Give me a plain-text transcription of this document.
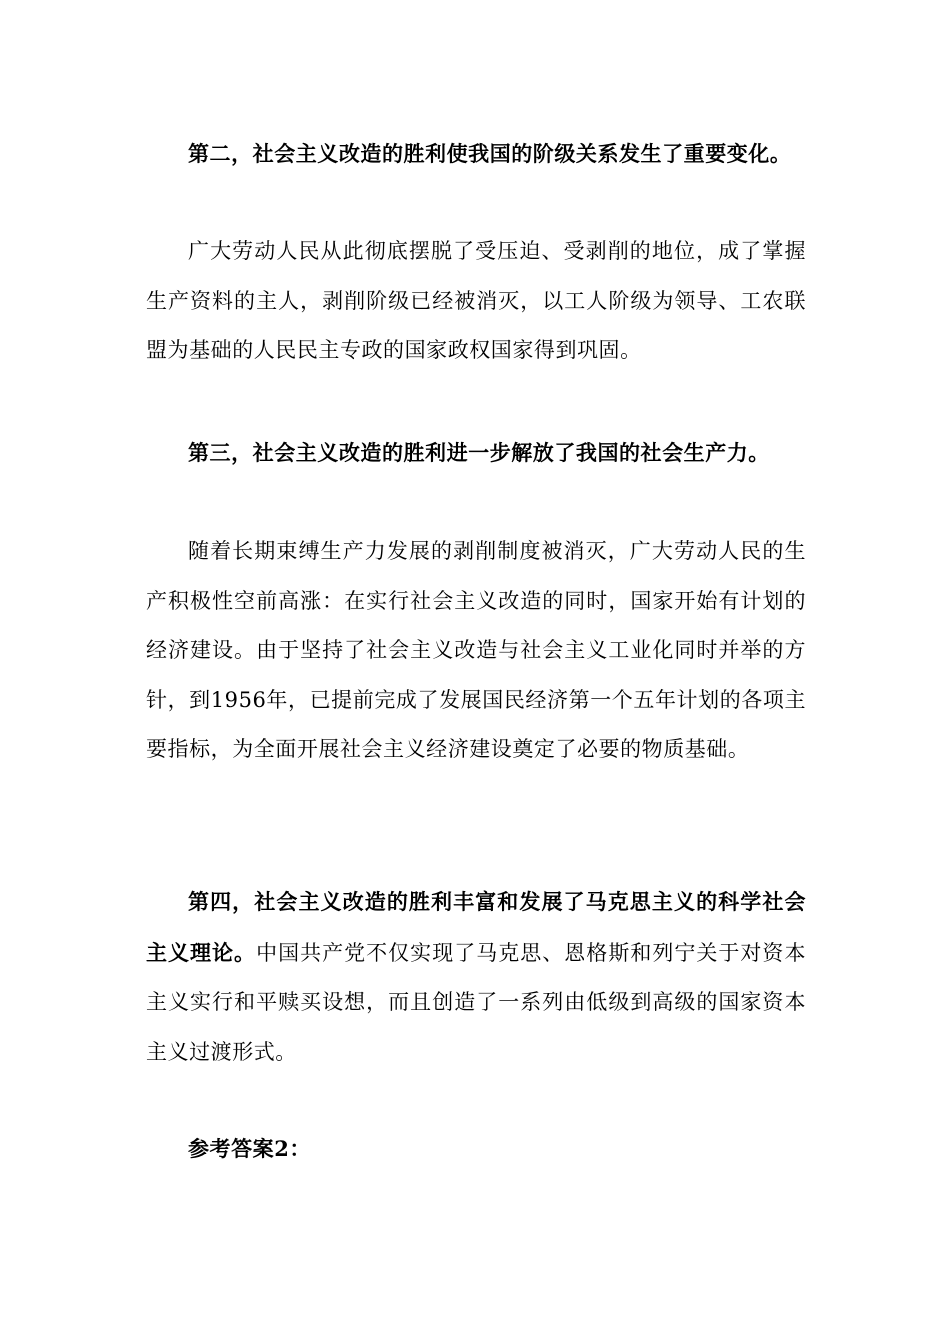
第二，社会主义改造的胜利使我国的阶级关系发生了重要变化。

广大劳动人民从此彻底摆脱了受压迫、受剥削的地位，成了掌握生产资料的主人，剥削阶级已经被消灭，以工人阶级为领导、工农联盟为基础的人民民主专政的国家政权国家得到巩固。

第三，社会主义改造的胜利进一步解放了我国的社会生产力。

随着长期束缚生产力发展的剥削制度被消灭，广大劳动人民的生产积极性空前高涨：在实行社会主义改造的同时，国家开始有计划的经济建设。由于坚持了社会主义改造与社会主义工业化同时并举的方针，到1956年，已提前完成了发展国民经济第一个五年计划的各项主要指标，为全面开展社会主义经济建设奠定了必要的物质基础。

第四，社会主义改造的胜利丰富和发展了马克思主义的科学社会主义理论。中国共产党不仅实现了马克思、恩格斯和列宁关于对资本主义实行和平赎买设想，而且创造了一系列由低级到高级的国家资本主义过渡形式。

参考答案2：
